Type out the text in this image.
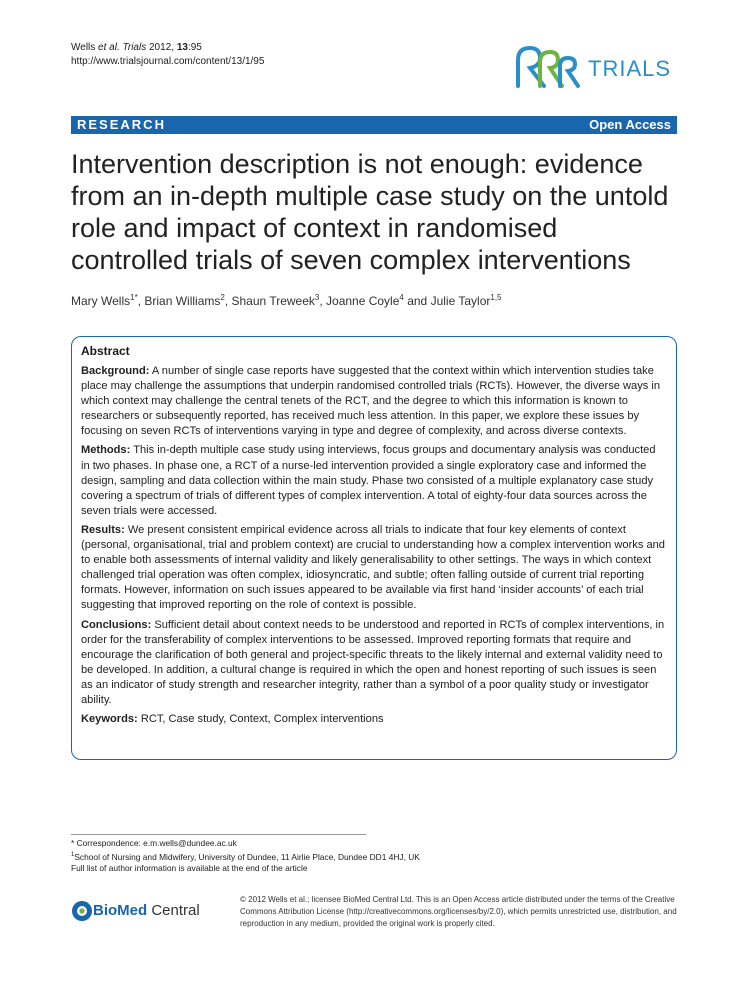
Wells et al. Trials 2012, 13:95
http://www.trialsjournal.com/content/13/1/95	TRIALS
RESEARCH	Open Access
Intervention description is not enough: evidence from an in-depth multiple case study on the untold role and impact of context in randomised controlled trials of seven complex interventions
Mary Wells$^{1*}$, Brian Williams$^2$, Shaun Treweek$^3$, Joanne Coyle$^4$ and Julie Taylor$^{1,5}$
Abstract

Background: A number of single case reports have suggested that the context within which intervention studies take place may challenge the assumptions that underpin randomised controlled trials (RCTs). However, the diverse ways in which context may challenge the central tenets of the RCT, and the degree to which this information is known to researchers or subsequently reported, has received much less attention. In this paper, we explore these issues by focusing on seven RCTs of interventions varying in type and degree of complexity, and across diverse contexts.

Methods: This in-depth multiple case study using interviews, focus groups and documentary analysis was conducted in two phases. In phase one, a RCT of a nurse-led intervention provided a single exploratory case and informed the design, sampling and data collection within the main study. Phase two consisted of a multiple explanatory case study covering a spectrum of trials of different types of complex intervention. A total of eighty-four data sources across the seven trials were accessed.

Results: We present consistent empirical evidence across all trials to indicate that four key elements of context (personal, organisational, trial and problem context) are crucial to understanding how a complex intervention works and to enable both assessments of internal validity and likely generalisability to other settings. The ways in which context challenged trial operation was often complex, idiosyncratic, and subtle; often falling outside of current trial reporting formats. However, information on such issues appeared to be available via first hand ‘insider accounts’ of each trial suggesting that improved reporting on the role of context is possible.

Conclusions: Sufficient detail about context needs to be understood and reported in RCTs of complex interventions, in order for the transferability of complex interventions to be assessed. Improved reporting formats that require and encourage the clarification of both general and project-specific threats to the likely internal and external validity need to be developed. In addition, a cultural change is required in which the open and honest reporting of such issues is seen as an indicator of study strength and researcher integrity, rather than a symbol of a poor quality study or investigator ability.

Keywords: RCT, Case study, Context, Complex interventions

* Correspondence: e.m.wells@dundee.ac.uk
$^1$School of Nursing and Midwifery, University of Dundee, 11 Airlie Place, Dundee DD1 4HJ, UK
Full list of author information is available at the end of the article
BioMed Central
© 2012 Wells et al.; licensee BioMed Central Ltd. This is an Open Access article distributed under the terms of the Creative Commons Attribution License (http://creativecommons.org/licenses/by/2.0), which permits unrestricted use, distribution, and reproduction in any medium, provided the original work is properly cited.
